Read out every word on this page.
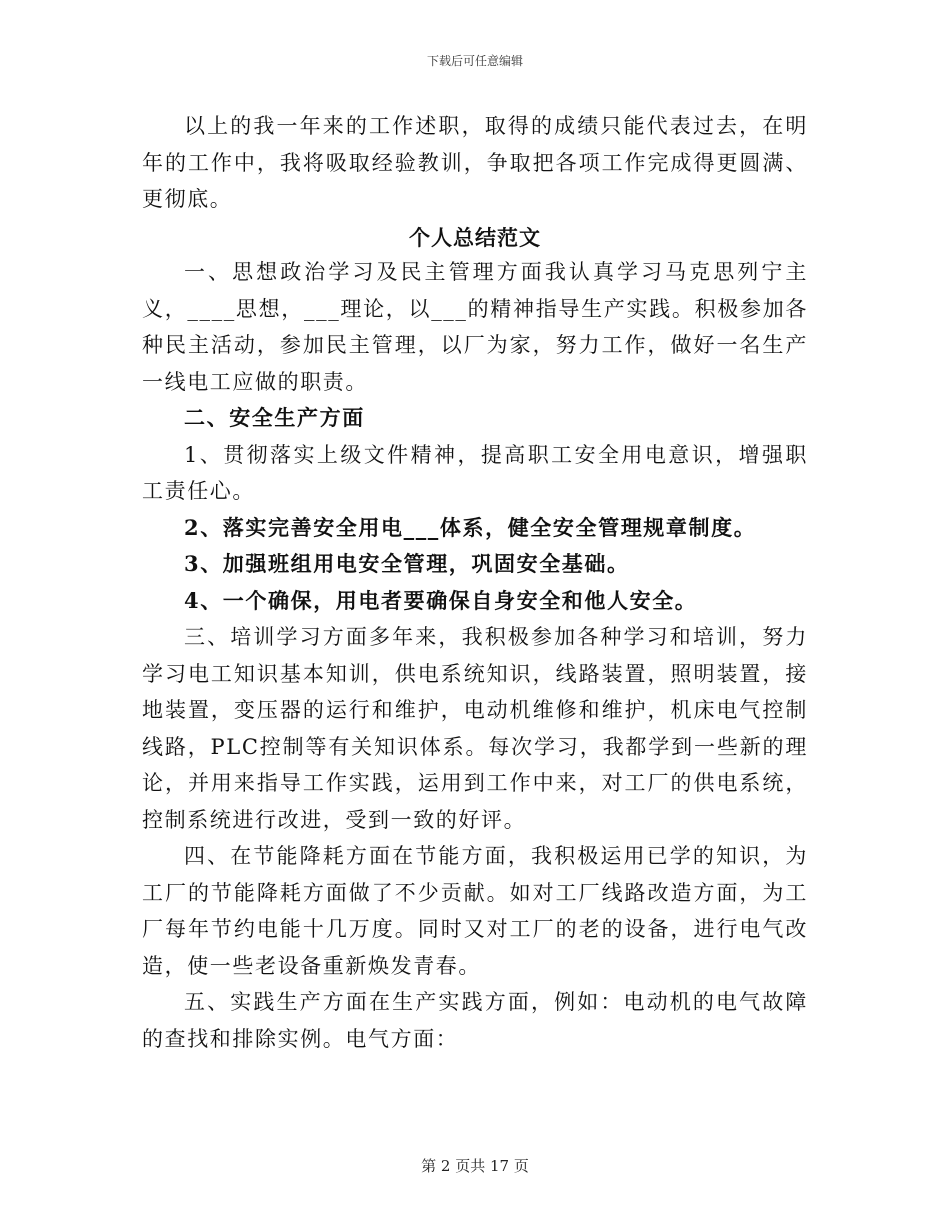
下载后可任意编辑

以上的我一年来的工作述职，取得的成绩只能代表过去，在明年的工作中，我将吸取经验教训，争取把各项工作完成得更圆满、更彻底。

个人总结范文

一、思想政治学习及民主管理方面我认真学习马克思列宁主义，____思想，___理论，以___的精神指导生产实践。积极参加各种民主活动，参加民主管理，以厂为家，努力工作，做好一名生产一线电工应做的职责。

二、安全生产方面

1、贯彻落实上级文件精神，提高职工安全用电意识，增强职工责任心。

2、落实完善安全用电___体系，健全安全管理规章制度。

3、加强班组用电安全管理，巩固安全基础。

4、一个确保，用电者要确保自身安全和他人安全。

三、培训学习方面多年来，我积极参加各种学习和培训，努力学习电工知识基本知训，供电系统知识，线路装置，照明装置，接地装置，变压器的运行和维护，电动机维修和维护，机床电气控制线路，PLC控制等有关知识体系。每次学习，我都学到一些新的理论，并用来指导工作实践，运用到工作中来，对工厂的供电系统，控制系统进行改进，受到一致的好评。

四、在节能降耗方面在节能方面，我积极运用已学的知识，为工厂的节能降耗方面做了不少贡献。如对工厂线路改造方面，为工厂每年节约电能十几万度。同时又对工厂的老的设备，进行电气改造，使一些老设备重新焕发青春。

五、实践生产方面在生产实践方面，例如：电动机的电气故障的查找和排除实例。电气方面：

第 2 页共 17 页
